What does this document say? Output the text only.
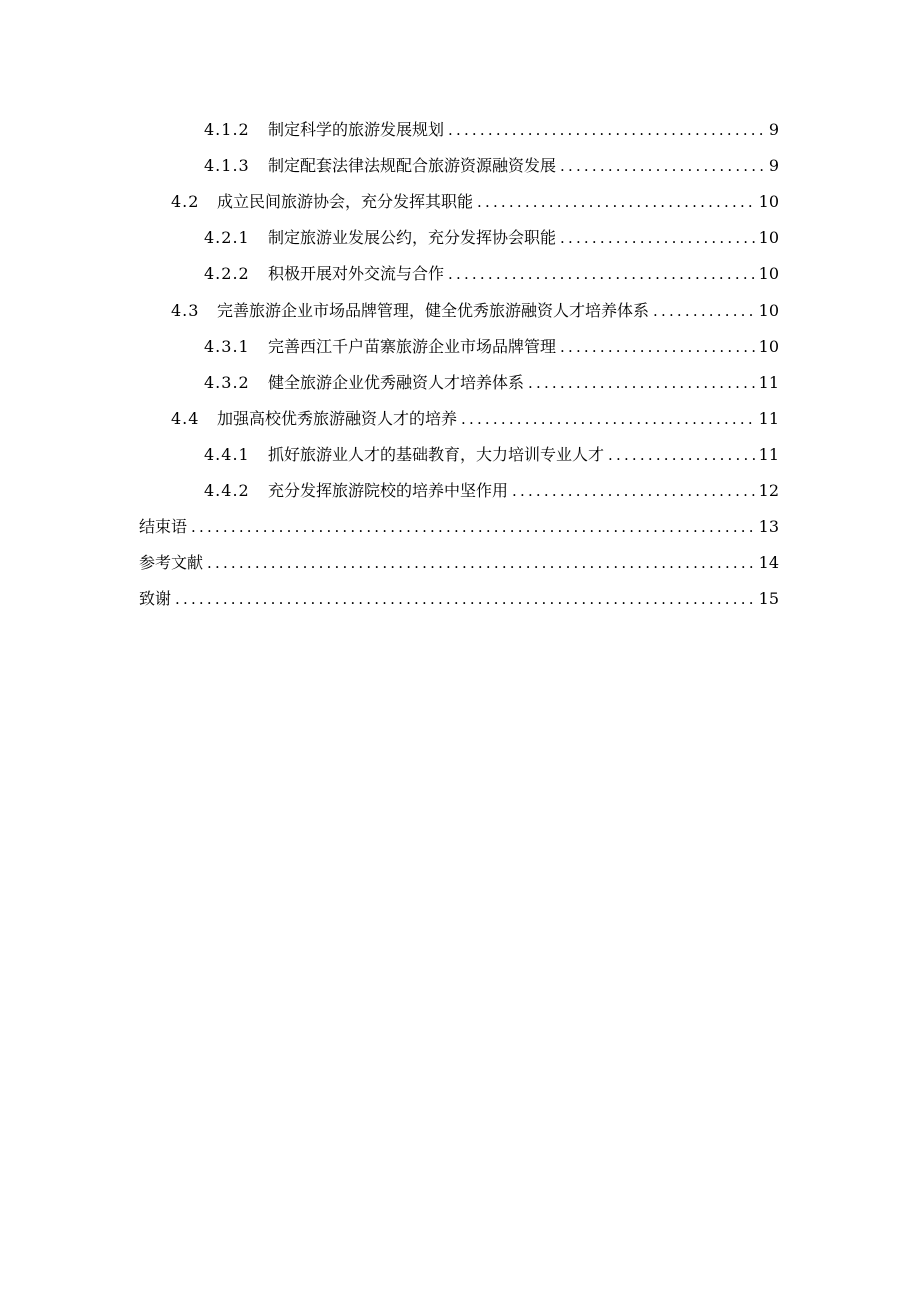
4.1.2	制定科学的旅游发展规划 .....	9
4.1.3	制定配套法律法规配合旅游资源融资发展 .....	9
4.2	成立民间旅游协会，充分发挥其职能 .....	10
4.2.1	制定旅游业发展公约，充分发挥协会职能 .....	10
4.2.2	积极开展对外交流与合作 .....	10
4.3	完善旅游企业市场品牌管理，健全优秀旅游融资人才培养体系 .....	10
4.3.1	完善西江千户苗寨旅游企业市场品牌管理 .....	10
4.3.2	健全旅游企业优秀融资人才培养体系 .....	11
4.4	加强高校优秀旅游融资人才的培养 .....	11
4.4.1	抓好旅游业人才的基础教育，大力培训专业人才 .....	11
4.4.2	充分发挥旅游院校的培养中坚作用 .....	12
结束语 .....	13
参考文献 .....	14
致谢 .....	15
